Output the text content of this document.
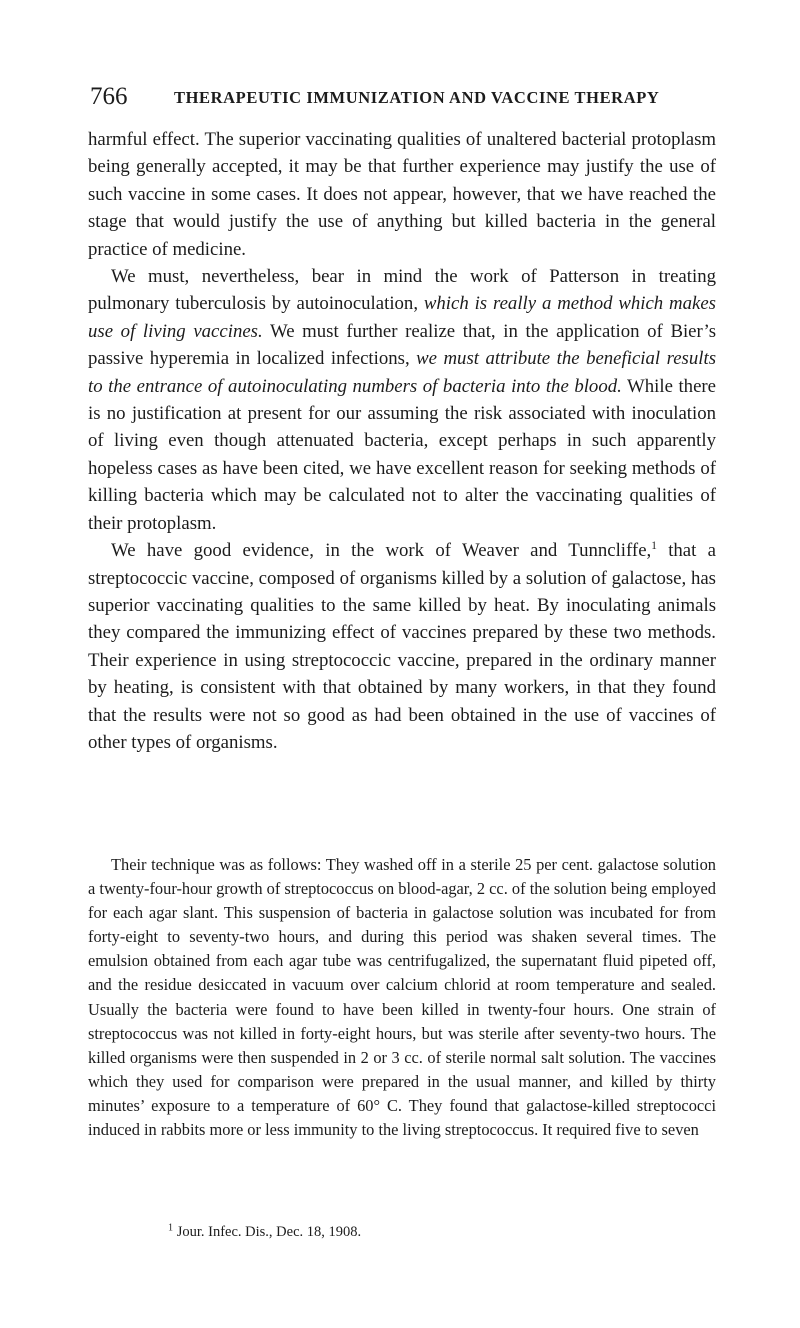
766	THERAPEUTIC IMMUNIZATION AND VACCINE THERAPY

harmful effect. The superior vaccinating qualities of unaltered bacterial protoplasm being generally accepted, it may be that further experience may justify the use of such vaccine in some cases. It does not appear, however, that we have reached the stage that would justify the use of anything but killed bacteria in the general practice of medicine.

We must, nevertheless, bear in mind the work of Patterson in treating pulmonary tuberculosis by autoinoculation, which is really a method which makes use of living vaccines. We must further realize that, in the application of Bier’s passive hyperemia in localized infections, we must attribute the beneficial results to the entrance of autoinoculating numbers of bacteria into the blood. While there is no justification at present for our assuming the risk associated with inoculation of living even though attenuated bacteria, except perhaps in such apparently hopeless cases as have been cited, we have excellent reason for seeking methods of killing bacteria which may be calculated not to alter the vaccinating qualities of their protoplasm.

We have good evidence, in the work of Weaver and Tunncliffe,$^1$ that a streptococcic vaccine, composed of organisms killed by a solution of galactose, has superior vaccinating qualities to the same killed by heat. By inoculating animals they compared the immunizing effect of vaccines prepared by these two methods. Their experience in using streptococcic vaccine, prepared in the ordinary manner by heating, is consistent with that obtained by many workers, in that they found that the results were not so good as had been obtained in the use of vaccines of other types of organisms.

Their technique was as follows: They washed off in a sterile 25 per cent. galactose solution a twenty-four-hour growth of streptococcus on blood-agar, 2 cc. of the solution being employed for each agar slant. This suspension of bacteria in galactose solution was incubated for from forty-eight to seventy-two hours, and during this period was shaken several times. The emulsion obtained from each agar tube was centrifugalized, the supernatant fluid pipeted off, and the residue desiccated in vacuum over calcium chlorid at room temperature and sealed. Usually the bacteria were found to have been killed in twenty-four hours. One strain of streptococcus was not killed in forty-eight hours, but was sterile after seventy-two hours. The killed organisms were then suspended in 2 or 3 cc. of sterile normal salt solution. The vaccines which they used for comparison were prepared in the usual manner, and killed by thirty minutes’ exposure to a temperature of 60° C. They found that galactose-killed streptococci induced in rabbits more or less immunity to the living streptococcus. It required five to seven

$^1$ Jour. Infec. Dis., Dec. 18, 1908.
